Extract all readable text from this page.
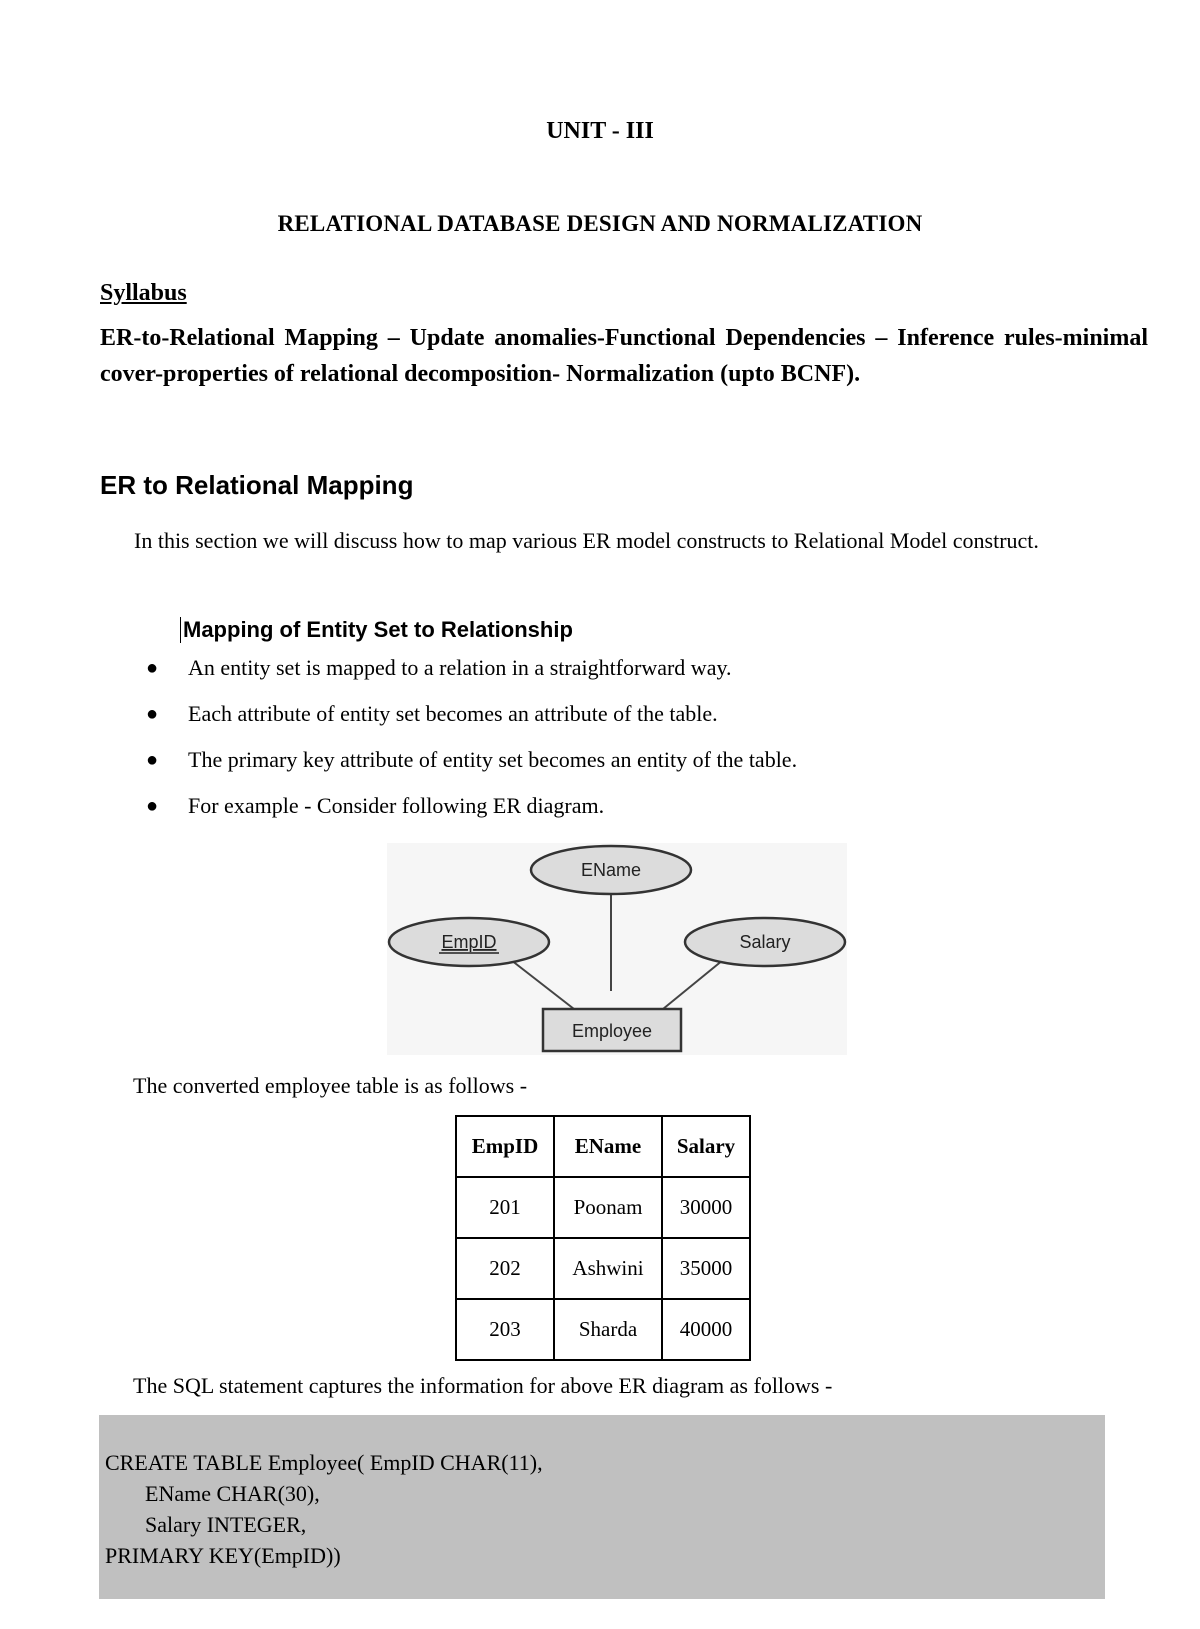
UNIT - III
RELATIONAL DATABASE DESIGN AND NORMALIZATION
Syllabus
ER-to-Relational Mapping – Update anomalies-Functional Dependencies – Inference rules-minimal cover-properties of relational decomposition- Normalization (upto BCNF).
ER to Relational Mapping
In this section we will discuss how to map various ER model constructs to Relational Model construct.
Mapping of Entity Set to Relationship
● An entity set is mapped to a relation in a straightforward way.
● Each attribute of entity set becomes an attribute of the table.
● The primary key attribute of entity set becomes an entity of the table.
● For example - Consider following ER diagram.
EName
EmpID	Salary
Employee
The converted employee table is as follows -
EmpID	EName	Salary
201	Poonam	30000
202	Ashwini	35000
203	Sharda	40000
The SQL statement captures the information for above ER diagram as follows -
CREATE TABLE Employee( EmpID CHAR(11),
EName CHAR(30),
Salary INTEGER,
PRIMARY KEY(EmpID))
